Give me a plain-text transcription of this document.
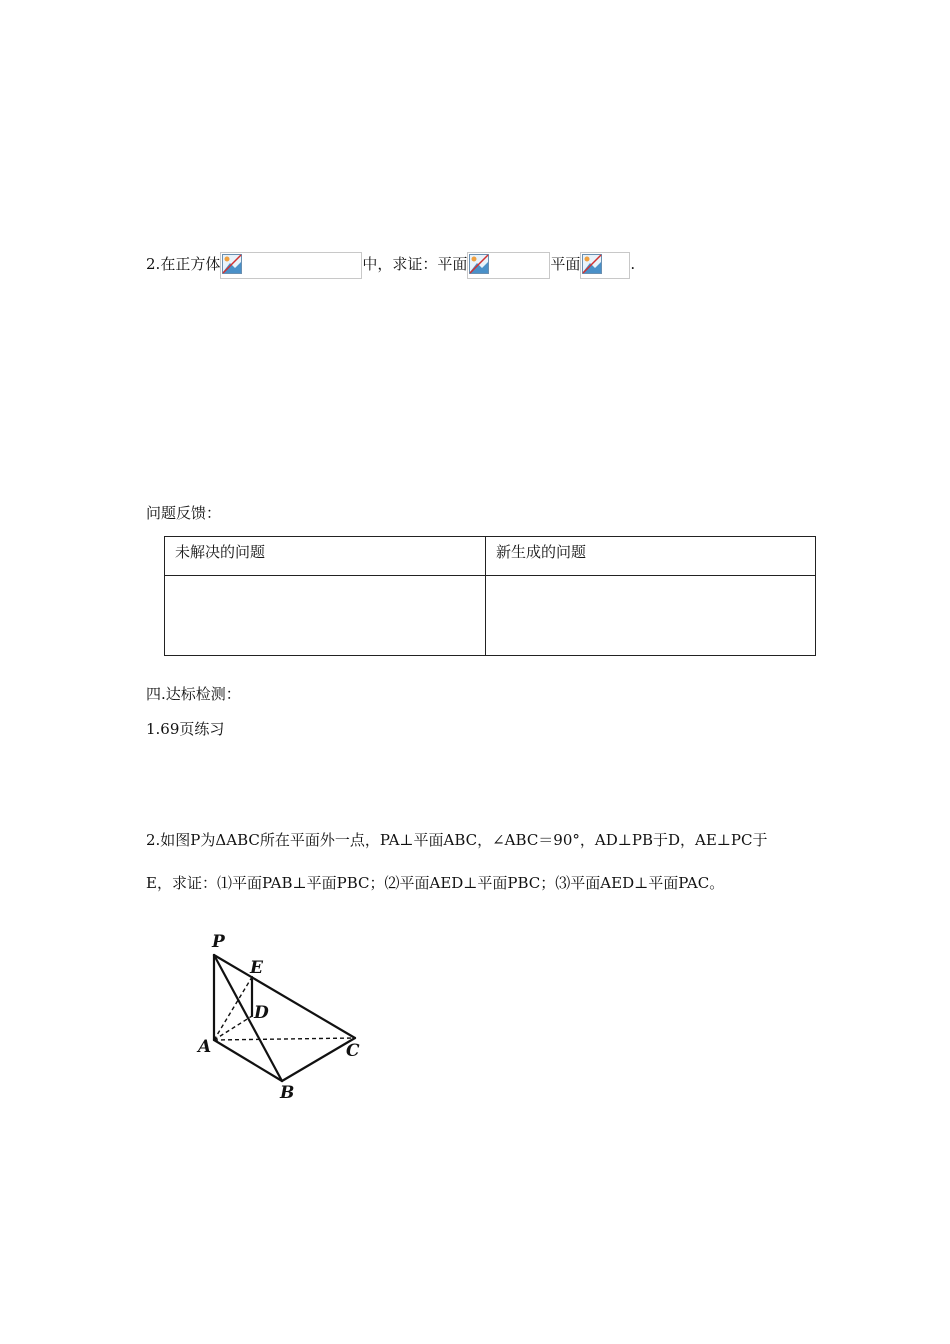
2.在正方体	中，求证：平面	平面	.
问题反馈：
未解决的问题	新生成的问题

四.达标检测：
1.69页练习
2.如图P为ΔABC所在平面外一点，PA⊥平面ABC，∠ABC＝90°，AD⊥PB于D，AE⊥PC于
E，求证：⑴平面PAB⊥平面PBC；⑵平面AED⊥平面PBC；⑶平面AED⊥平面PAC。
P
E
D
A	C
B
